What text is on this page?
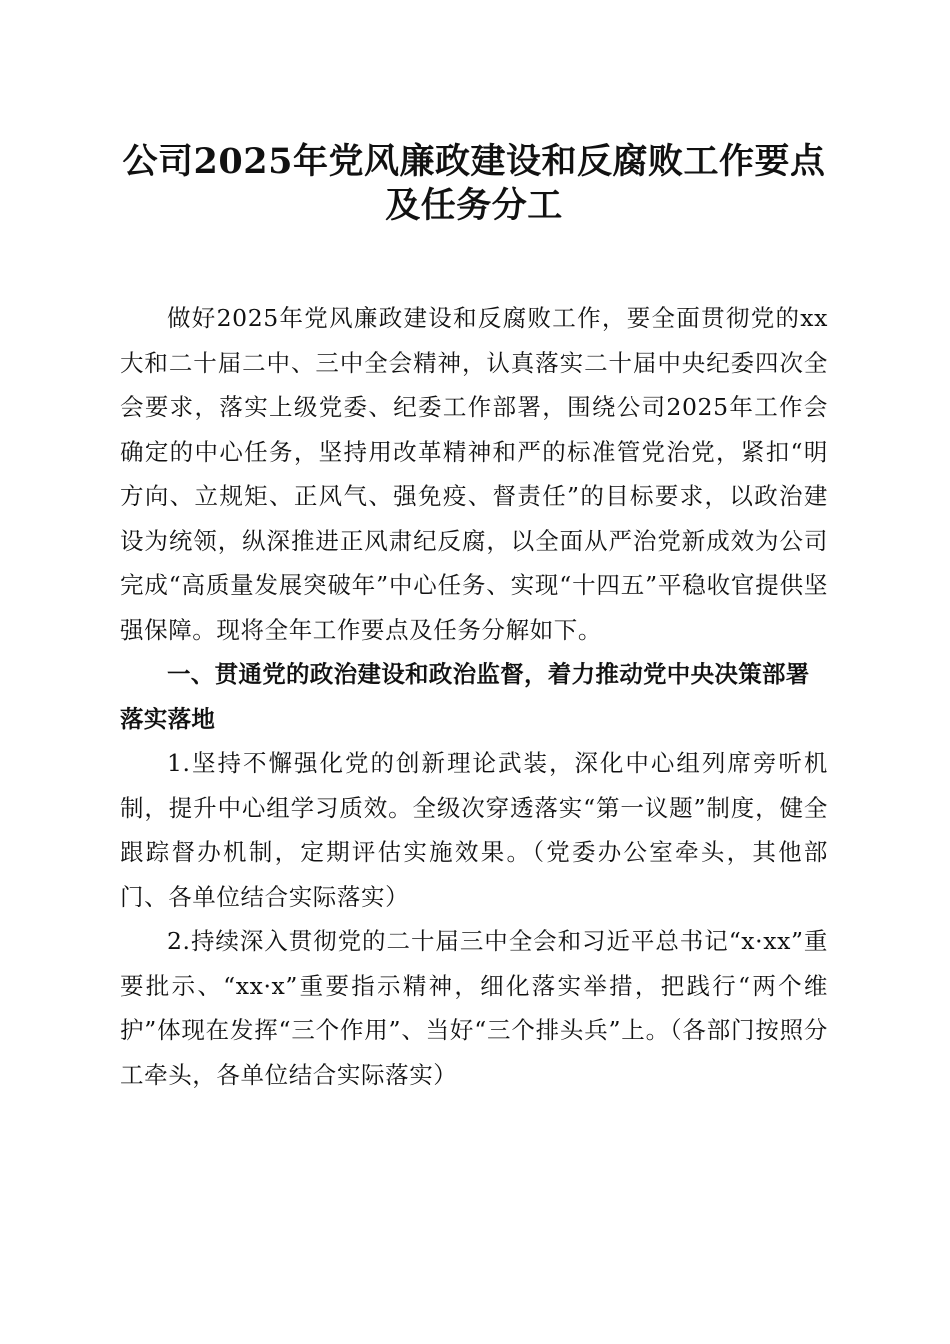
公司2025年党风廉政建设和反腐败工作要点
及任务分工

做好2025年党风廉政建设和反腐败工作，要全面贯彻党的xx大和二十届二中、三中全会精神，认真落实二十届中央纪委四次全会要求，落实上级党委、纪委工作部署，围绕公司2025年工作会确定的中心任务，坚持用改革精神和严的标准管党治党，紧扣“明方向、立规矩、正风气、强免疫、督责任”的目标要求，以政治建设为统领，纵深推进正风肃纪反腐，以全面从严治党新成效为公司完成“高质量发展突破年”中心任务、实现“十四五”平稳收官提供坚强保障。现将全年工作要点及任务分解如下。

一、贯通党的政治建设和政治监督，着力推动党中央决策部署落实落地

1.坚持不懈强化党的创新理论武装，深化中心组列席旁听机制，提升中心组学习质效。全级次穿透落实“第一议题”制度，健全跟踪督办机制，定期评估实施效果。（党委办公室牵头，其他部门、各单位结合实际落实）

2.持续深入贯彻党的二十届三中全会和习近平总书记“x·xx”重要批示、“xx·x”重要指示精神，细化落实举措，把践行“两个维护”体现在发挥“三个作用”、当好“三个排头兵”上。（各部门按照分工牵头，各单位结合实际落实）
